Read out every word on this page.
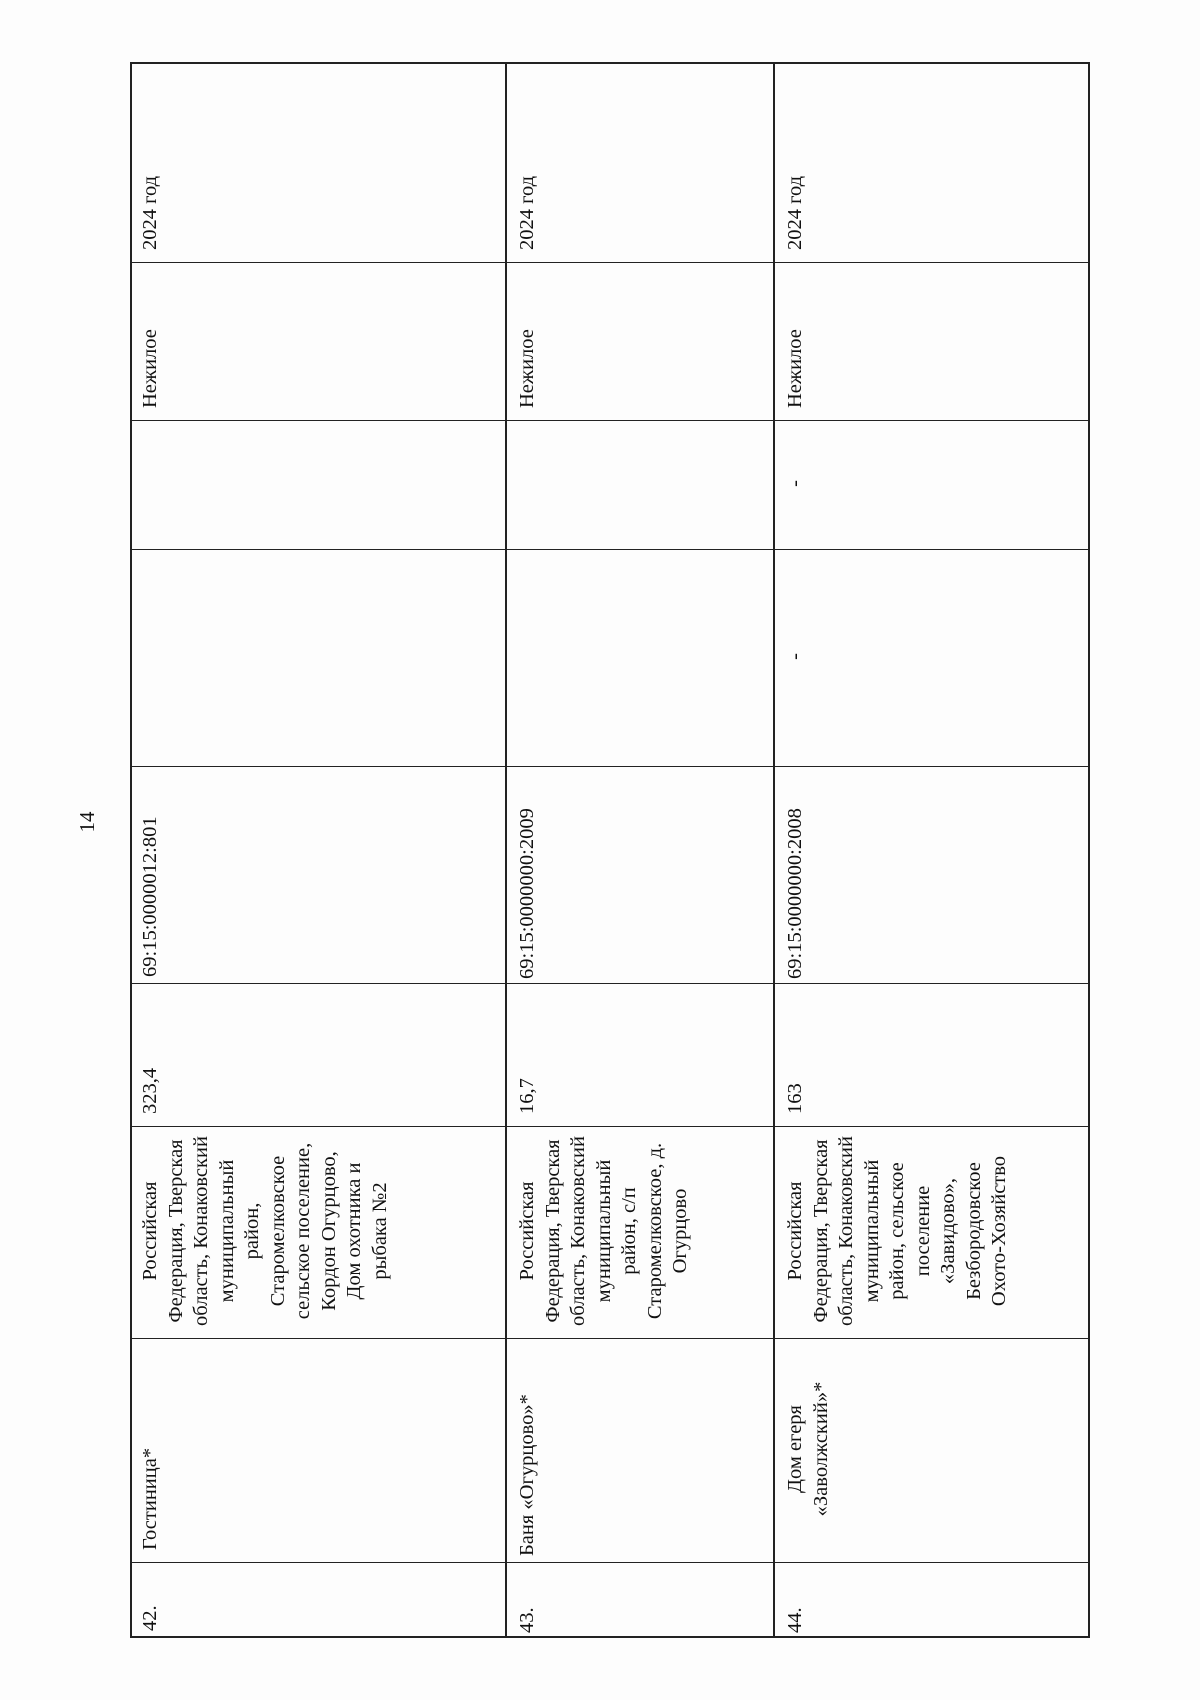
14
2024 год
Нежилое
69:15:0000012:801
323,4
Российская Федерация, Тверская область, Конаковский муниципальный район, Старомелковское сельское поселение, Кордон Огурцово, Дом охотника и рыбака №2
Гостиница*
42.
2024 год
Нежилое
69:15:0000000:2009
16,7
Российская Федерация, Тверская область, Конаковский муниципальный район, с/п Старомелковское, д. Огурцово
Баня «Огурцово»*
43.
2024 год
Нежилое
-
-
69:15:0000000:2008
163
Российская Федерация, Тверская область, Конаковский муниципальный район, сельское поселение «Завидово», Безбородовское Охото-Хозяйство
Дом егеря «Заволжский»*
44.
